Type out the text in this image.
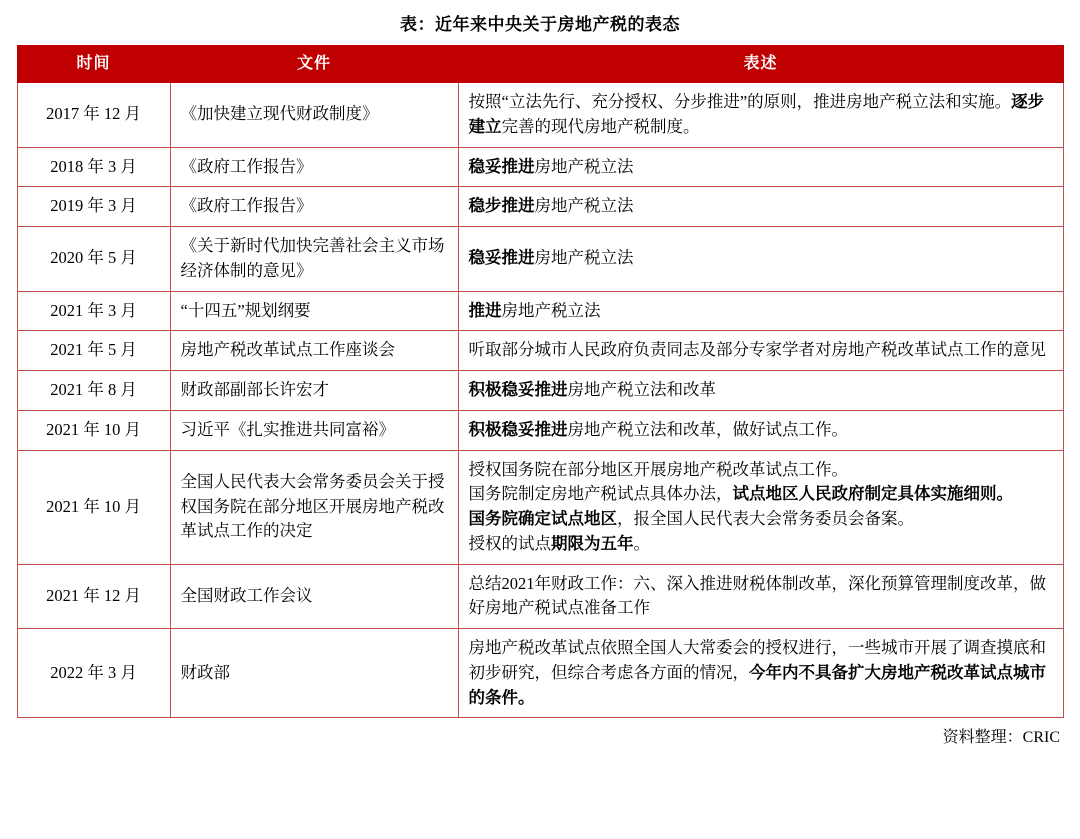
表：近年来中央关于房地产税的表态
时间	文件	表述
2017 年 12 月	《加快建立现代财政制度》	按照“立法先行、充分授权、分步推进”的原则，推进房地产税立法和实施。逐步建立完善的现代房地产税制度。
2018 年 3 月	《政府工作报告》	稳妥推进房地产税立法
2019 年 3 月	《政府工作报告》	稳步推进房地产税立法
2020 年 5 月	《关于新时代加快完善社会主义市场经济体制的意见》	稳妥推进房地产税立法
2021 年 3 月	“十四五”规划纲要	推进房地产税立法
2021 年 5 月	房地产税改革试点工作座谈会	听取部分城市人民政府负责同志及部分专家学者对房地产税改革试点工作的意见
2021 年 8 月	财政部副部长许宏才	积极稳妥推进房地产税立法和改革
2021 年 10 月	习近平《扎实推进共同富裕》	积极稳妥推进房地产税立法和改革，做好试点工作。
2021 年 10 月	全国人民代表大会常务委员会关于授权国务院在部分地区开展房地产税改革试点工作的决定	授权国务院在部分地区开展房地产税改革试点工作。
国务院制定房地产税试点具体办法，试点地区人民政府制定具体实施细则。
国务院确定试点地区，报全国人民代表大会常务委员会备案。
授权的试点期限为五年。

2021 年 12 月	全国财政工作会议	总结2021年财政工作：六、深入推进财税体制改革，深化预算管理制度改革，做好房地产税试点准备工作
2022 年 3 月	财政部	房地产税改革试点依照全国人大常委会的授权进行，一些城市开展了调查摸底和初步研究，但综合考虑各方面的情况，今年内不具备扩大房地产税改革试点城市的条件。
资料整理：CRIC
